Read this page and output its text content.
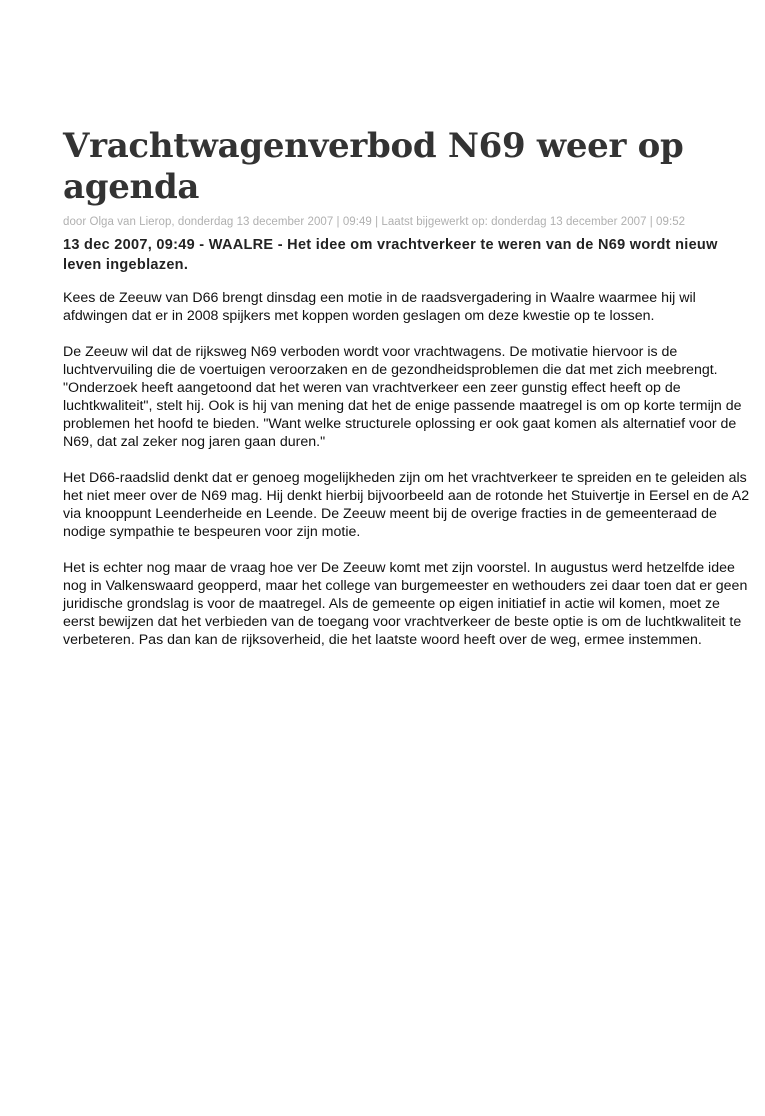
Vrachtwagenverbod N69 weer op agenda
door Olga van Lierop, donderdag 13 december 2007 | 09:49 | Laatst bijgewerkt op: donderdag 13 december 2007 | 09:52

13 dec 2007, 09:49 - WAALRE - Het idee om vrachtverkeer te weren van de N69 wordt nieuw leven ingeblazen.

Kees de Zeeuw van D66 brengt dinsdag een motie in de raadsvergadering in Waalre waarmee hij wil afdwingen dat er in 2008 spijkers met koppen worden geslagen om deze kwestie op te lossen.

De Zeeuw wil dat de rijksweg N69 verboden wordt voor vrachtwagens. De motivatie hiervoor is de luchtvervuiling die de voertuigen veroorzaken en de gezondheidsproblemen die dat met zich meebrengt. "Onderzoek heeft aangetoond dat het weren van vrachtverkeer een zeer gunstig effect heeft op de luchtkwaliteit", stelt hij. Ook is hij van mening dat het de enige passende maatregel is om op korte termijn de problemen het hoofd te bieden. "Want welke structurele oplossing er ook gaat komen als alternatief voor de N69, dat zal zeker nog jaren gaan duren."

Het D66-raadslid denkt dat er genoeg mogelijkheden zijn om het vrachtverkeer te spreiden en te geleiden als het niet meer over de N69 mag. Hij denkt hierbij bijvoorbeeld aan de rotonde het Stuivertje in Eersel en de A2 via knooppunt Leenderheide en Leende. De Zeeuw meent bij de overige fracties in de gemeenteraad de nodige sympathie te bespeuren voor zijn motie.

Het is echter nog maar de vraag hoe ver De Zeeuw komt met zijn voorstel. In augustus werd hetzelfde idee nog in Valkenswaard geopperd, maar het college van burgemeester en wethouders zei daar toen dat er geen juridische grondslag is voor de maatregel. Als de gemeente op eigen initiatief in actie wil komen, moet ze eerst bewijzen dat het verbieden van de toegang voor vrachtverkeer de beste optie is om de luchtkwaliteit te verbeteren. Pas dan kan de rijksoverheid, die het laatste woord heeft over de weg, ermee instemmen.
